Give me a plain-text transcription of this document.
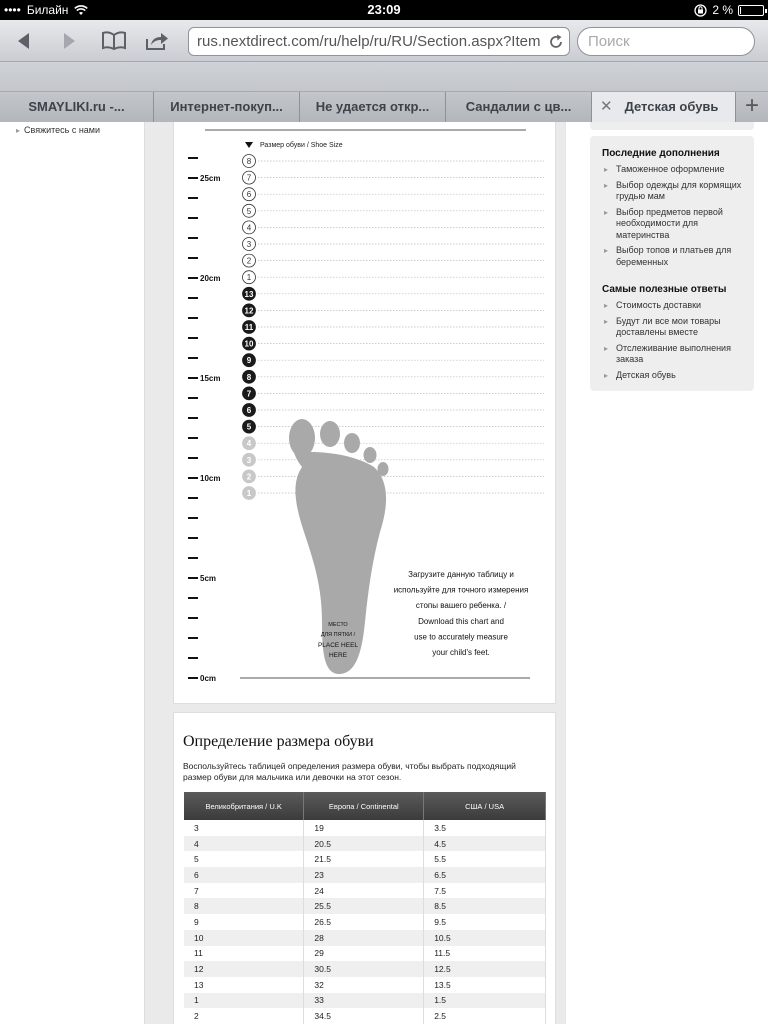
•••• Билайн	23:09	2 %
rus.nextdirect.com/ru/help/ru/RU/Section.aspx?Item	Поиск
SMAYLIKI.ru -...	Интернет-покуп...	Не удается откр...	Сандалии с цв...	✕ Детская обувь	+
▸ Свяжитесь с нами
Размер обуви / Shoe Size
25cm
20cm
15cm
10cm
5cm
0cm
8
7
6
5
4
3
2
1
13
12
11
10
9
8
7
6
5
4
3
2
1
МЕСТО
ДЛЯ ПЯТКИ /
PLACE HEEL
HERE
Загрузите данную таблицу и
используйте для точного измерения
стопы вашего ребенка. /
Download this chart and
use to accurately measure
your child's feet.
Определение размера обуви
Воспользуйтесь таблицей определения размера обуви, чтобы выбрать подходящий размер обуви для мальчика или девочки на этот сезон.
Великобритания / U.K	Европа / Continental	США / USA
3	19	3.5
4	20.5	4.5
5	21.5	5.5
6	23	6.5
7	24	7.5
8	25.5	8.5
9	26.5	9.5
10	28	10.5
11	29	11.5
12	30.5	12.5
13	32	13.5
1	33	1.5
2	34.5	2.5
Последние дополнения
▸ Таможенное оформление
▸ Выбор одежды для кормящих грудью мам
▸ Выбор предметов первой необходимости для материнства
▸ Выбор топов и платьев для беременных
Самые полезные ответы
▸ Стоимость доставки
▸ Будут ли все мои товары доставлены вместе
▸ Отслеживание выполнения заказа
▸ Детская обувь
